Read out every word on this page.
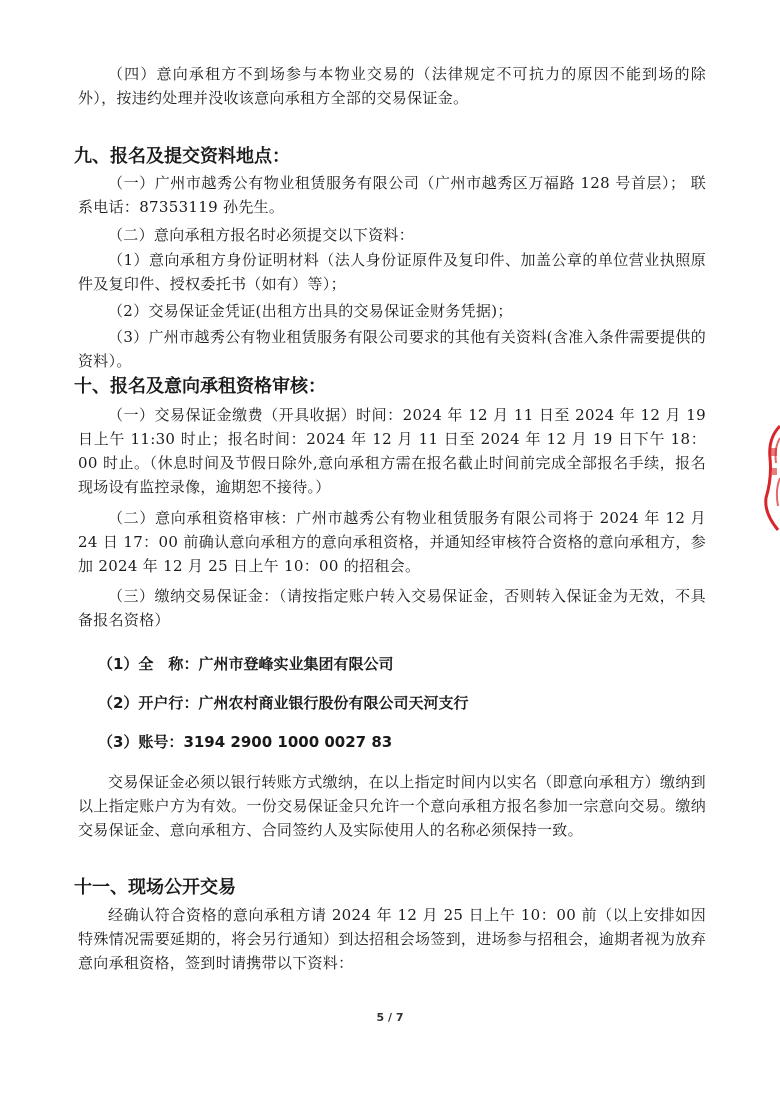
（四）意向承租方不到场参与本物业交易的（法律规定不可抗力的原因不能到场的除外），按违约处理并没收该意向承租方全部的交易保证金。

九、报名及提交资料地点：

（一）广州市越秀公有物业租赁服务有限公司（广州市越秀区万福路 128 号首层）； 联系电话：87353119 孙先生。

（二）意向承租方报名时必须提交以下资料：

（1）意向承租方身份证明材料（法人身份证原件及复印件、加盖公章的单位营业执照原件及复印件、授权委托书（如有）等）；

（2）交易保证金凭证(出租方出具的交易保证金财务凭据)；

（3）广州市越秀公有物业租赁服务有限公司要求的其他有关资料(含准入条件需要提供的资料）。

十、报名及意向承租资格审核：

（一）交易保证金缴费（开具收据）时间：2024 年 12 月 11 日至 2024 年 12 月 19 日上午 11:30 时止；报名时间：2024 年 12 月 11 日至 2024 年 12 月 19 日下午 18：00 时止。（休息时间及节假日除外,意向承租方需在报名截止时间前完成全部报名手续，报名现场设有监控录像，逾期恕不接待。）

（二）意向承租资格审核：广州市越秀公有物业租赁服务有限公司将于 2024 年 12 月 24 日 17：00 前确认意向承租方的意向承租资格，并通知经审核符合资格的意向承租方，参加 2024 年 12 月 25 日上午 10：00 的招租会。

（三）缴纳交易保证金：（请按指定账户转入交易保证金，否则转入保证金为无效，不具备报名资格）

（1）全　称：广州市登峰实业集团有限公司

（2）开户行：广州农村商业银行股份有限公司天河支行

（3）账号：3194 2900 1000 0027 83

交易保证金必须以银行转账方式缴纳，在以上指定时间内以实名（即意向承租方）缴纳到以上指定账户方为有效。一份交易保证金只允许一个意向承租方报名参加一宗意向交易。缴纳交易保证金、意向承租方、合同签约人及实际使用人的名称必须保持一致。

十一、现场公开交易

经确认符合资格的意向承租方请 2024 年 12 月 25 日上午 10：00 前（以上安排如因特殊情况需要延期的，将会另行通知）到达招租会场签到，进场参与招租会，逾期者视为放弃意向承租资格，签到时请携带以下资料：

5 / 7
